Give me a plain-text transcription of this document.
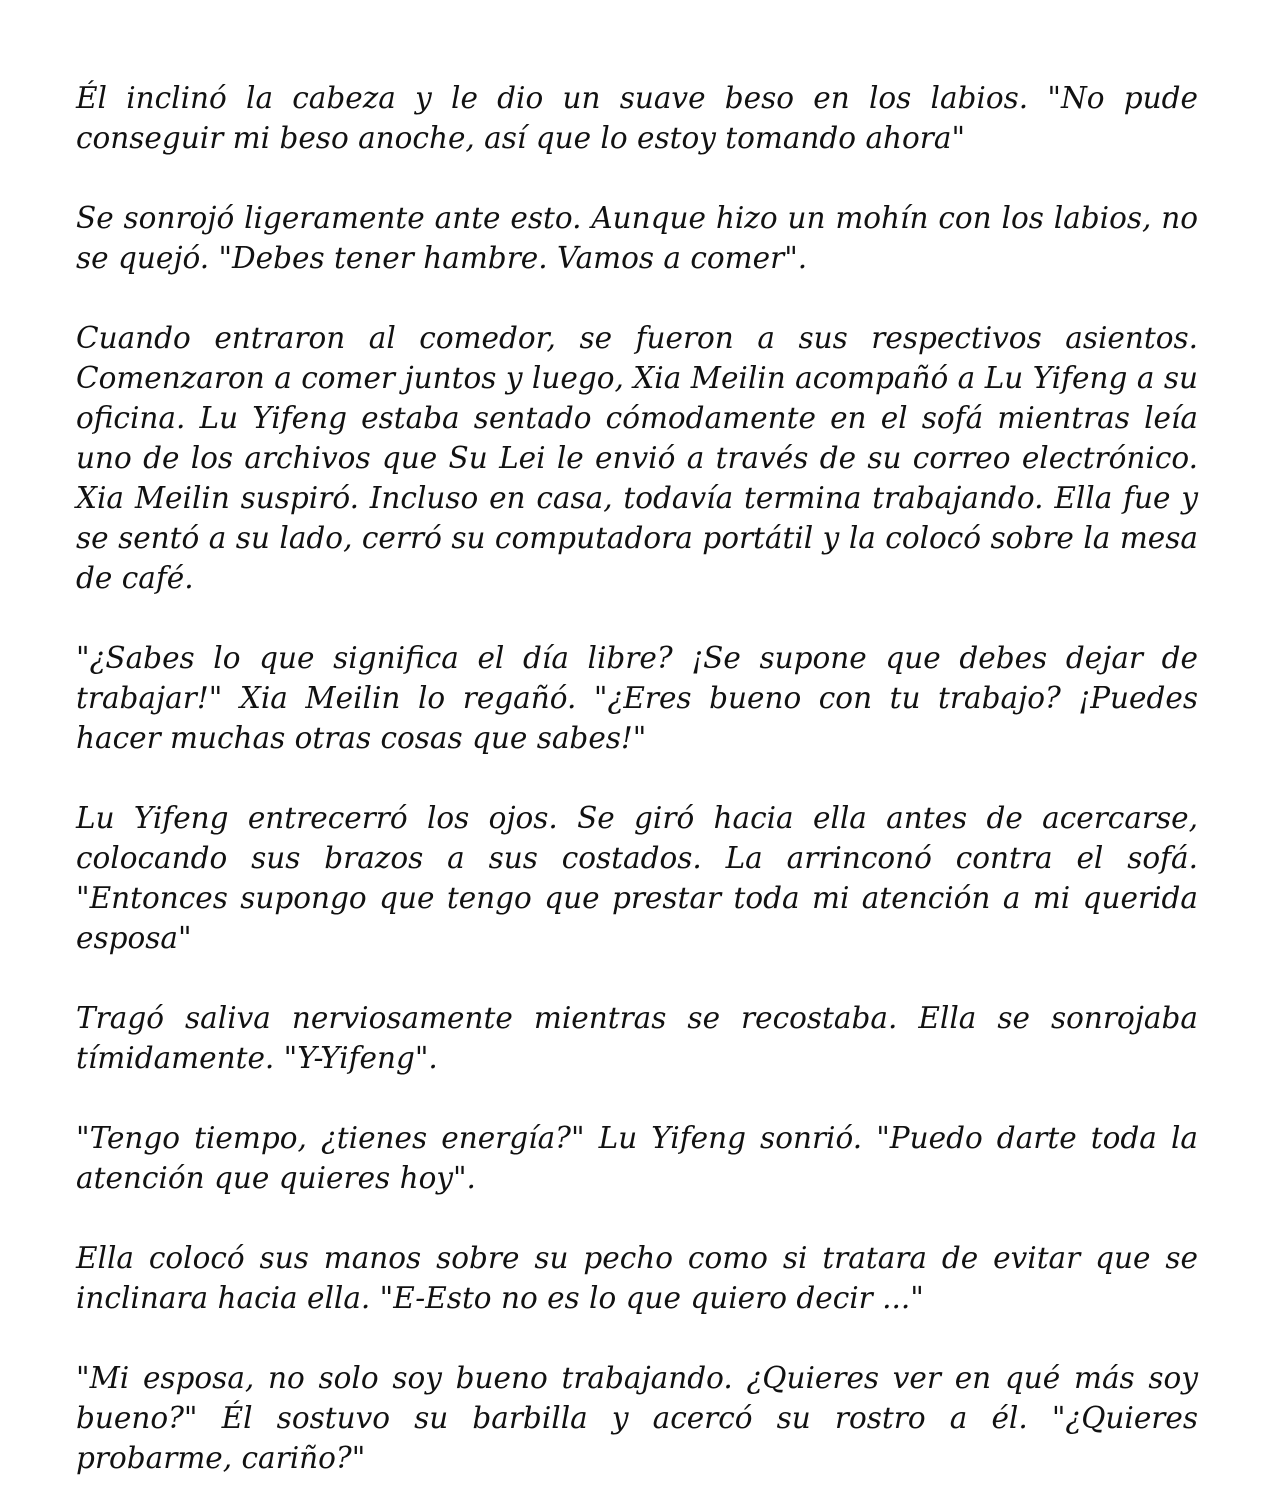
Él inclinó la cabeza y le dio un suave beso en los labios. "No pude conseguir mi beso anoche, así que lo estoy tomando ahora"

Se sonrojó ligeramente ante esto. Aunque hizo un mohín con los labios, no se quejó. "Debes tener hambre. Vamos a comer".

Cuando entraron al comedor, se fueron a sus respectivos asientos. Comenzaron a comer juntos y luego, Xia Meilin acompañó a Lu Yifeng a su oficina. Lu Yifeng estaba sentado cómodamente en el sofá mientras leía uno de los archivos que Su Lei le envió a través de su correo electrónico. Xia Meilin suspiró. Incluso en casa, todavía termina trabajando. Ella fue y se sentó a su lado, cerró su computadora portátil y la colocó sobre la mesa de café.

"¿Sabes lo que significa el día libre? ¡Se supone que debes dejar de trabajar!" Xia Meilin lo regañó. "¿Eres bueno con tu trabajo? ¡Puedes hacer muchas otras cosas que sabes!"

Lu Yifeng entrecerró los ojos. Se giró hacia ella antes de acercarse, colocando sus brazos a sus costados. La arrinconó contra el sofá. "Entonces supongo que tengo que prestar toda mi atención a mi querida esposa"

Tragó saliva nerviosamente mientras se recostaba. Ella se sonrojaba tímidamente. "Y-Yifeng".

"Tengo tiempo, ¿tienes energía?" Lu Yifeng sonrió. "Puedo darte toda la atención que quieres hoy".

Ella colocó sus manos sobre su pecho como si tratara de evitar que se inclinara hacia ella. "E-Esto no es lo que quiero decir ..."

"Mi esposa, no solo soy bueno trabajando. ¿Quieres ver en qué más soy bueno?" Él sostuvo su barbilla y acercó su rostro a él. "¿Quieres probarme, cariño?"
